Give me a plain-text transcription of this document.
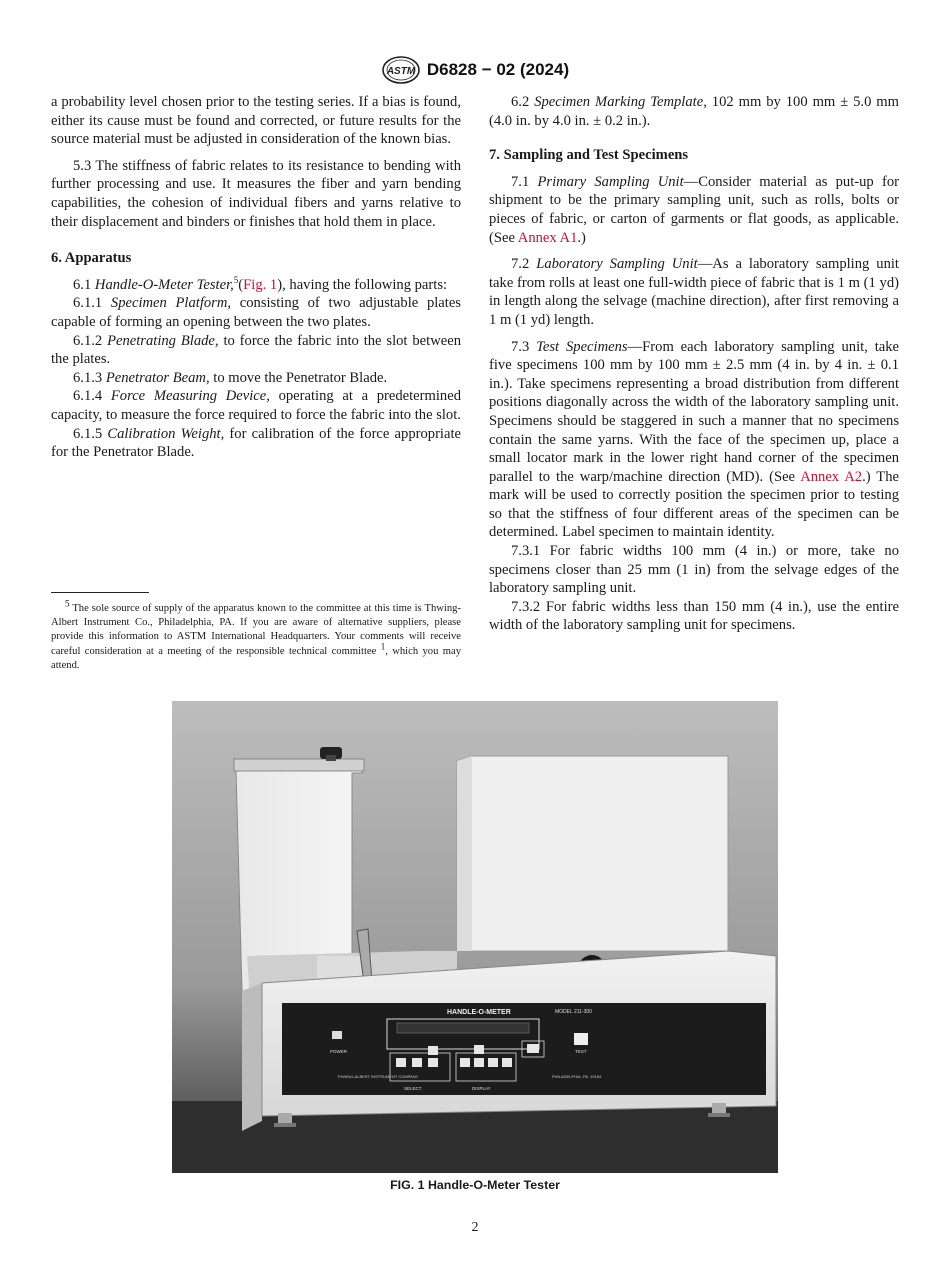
ASTM D6828 − 02 (2024)

a probability level chosen prior to the testing series. If a bias is found, either its cause must be found and corrected, or future results for the source material must be adjusted in consideration of the known bias.

5.3 The stiffness of fabric relates to its resistance to bending with further processing and use. It measures the fiber and yarn bending capabilities, the cohesion of individual fibers and yarns relative to their displacement and binders or finishes that hold them in place.

6. Apparatus

6.1 Handle-O-Meter Tester,$^5$(Fig. 1), having the following parts:

6.1.1 Specimen Platform, consisting of two adjustable plates capable of forming an opening between the two plates.

6.1.2 Penetrating Blade, to force the fabric into the slot between the plates.

6.1.3 Penetrator Beam, to move the Penetrator Blade.

6.1.4 Force Measuring Device, operating at a predetermined capacity, to measure the force required to force the fabric into the slot.

6.1.5 Calibration Weight, for calibration of the force appropriate for the Penetrator Blade.

$^5$ The sole source of supply of the apparatus known to the committee at this time is Thwing-Albert Instrument Co., Philadelphia, PA. If you are aware of alternative suppliers, please provide this information to ASTM International Headquarters. Your comments will receive careful consideration at a meeting of the responsible technical committee $^1$, which you may attend.

6.2 Specimen Marking Template, 102 mm by 100 mm ± 5.0 mm (4.0 in. by 4.0 in. ± 0.2 in.).

7. Sampling and Test Specimens

7.1 Primary Sampling Unit—Consider material as put-up for shipment to be the primary sampling unit, such as rolls, bolts or pieces of fabric, or carton of garments or flat goods, as applicable. (See Annex A1.)

7.2 Laboratory Sampling Unit—As a laboratory sampling unit take from rolls at least one full-width piece of fabric that is 1 m (1 yd) in length along the selvage (machine direction), after first removing a 1 m (1 yd) length.

7.3 Test Specimens—From each laboratory sampling unit, take five specimens 100 mm by 100 mm ± 2.5 mm (4 in. by 4 in. ± 0.1 in.). Take specimens representing a broad distribution from different positions diagonally across the width of the laboratory sampling unit. Specimens should be staggered in such a manner that no specimens contain the same yarns. With the face of the specimen up, place a small locator mark in the lower right hand corner of the specimen parallel to the warp/machine direction (MD). (See Annex A2.) The mark will be used to correctly position the specimen prior to testing so that the stiffness of four different areas of the specimen can be determined. Label specimen to maintain identity.

7.3.1 For fabric widths 100 mm (4 in.) or more, take no specimens closer than 25 mm (1 in) from the selvage edges of the laboratory sampling unit.

7.3.2 For fabric widths less than 150 mm (4 in.), use the entire width of the laboratory sampling unit for specimens.

HANDLE-O-METER	MODEL 211-300
SELECT	DISPLAY
POWER	TEST
THWING-ALBERT INSTRUMENT COMPANY	PHILADELPHIA, PA. 19154
FIG. 1 Handle-O-Meter Tester
2
